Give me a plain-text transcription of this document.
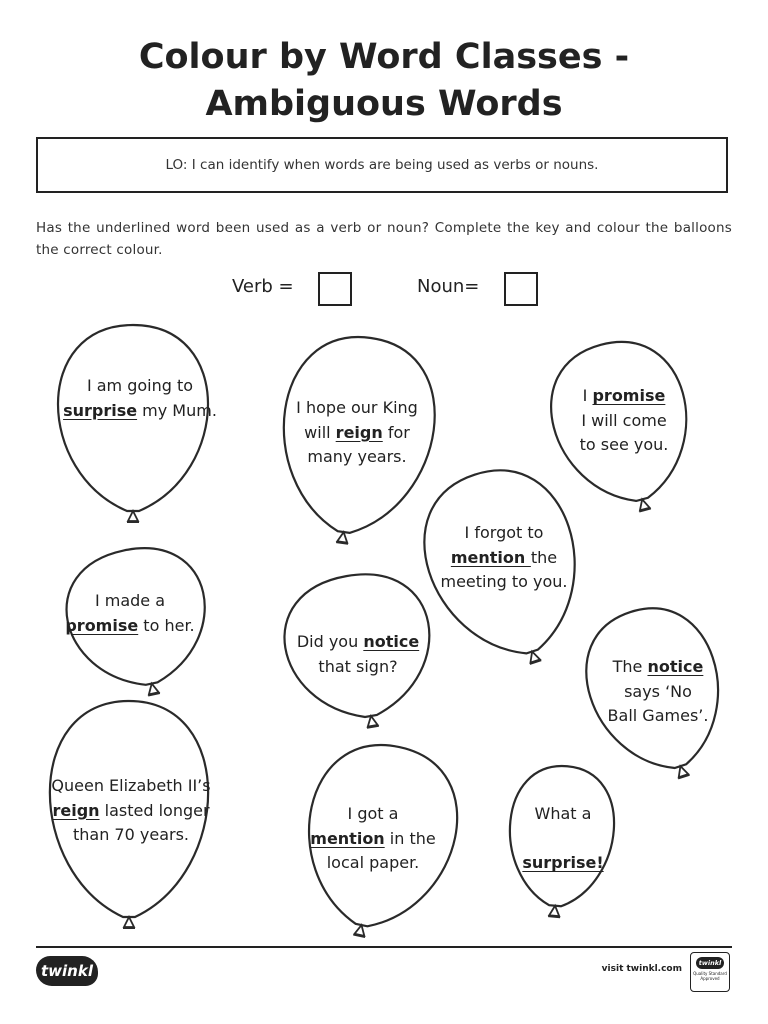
Colour by Word Classes -
Ambiguous Words
LO: I can identify when words are being used as verbs or nouns.
Has the underlined word been used as a verb or noun? Complete the key and colour the balloons the correct colour.
Verb =	Noun=
I am going to
surprise my Mum.	I hope our King
will reign for
many years.
I promise
I will come
to see you.
I forgot to
mention the
meeting to you.
I made a
promise to her.
Did you notice
that sign?	The notice
says ‘No
Ball Games’.
Queen Elizabeth II’s
reign lasted longer
than 70 years.
I got a
mention in the
local paper.
What a

surprise!
twinkl	visit twinkl.com
twinkl
Quality Standard Approved
